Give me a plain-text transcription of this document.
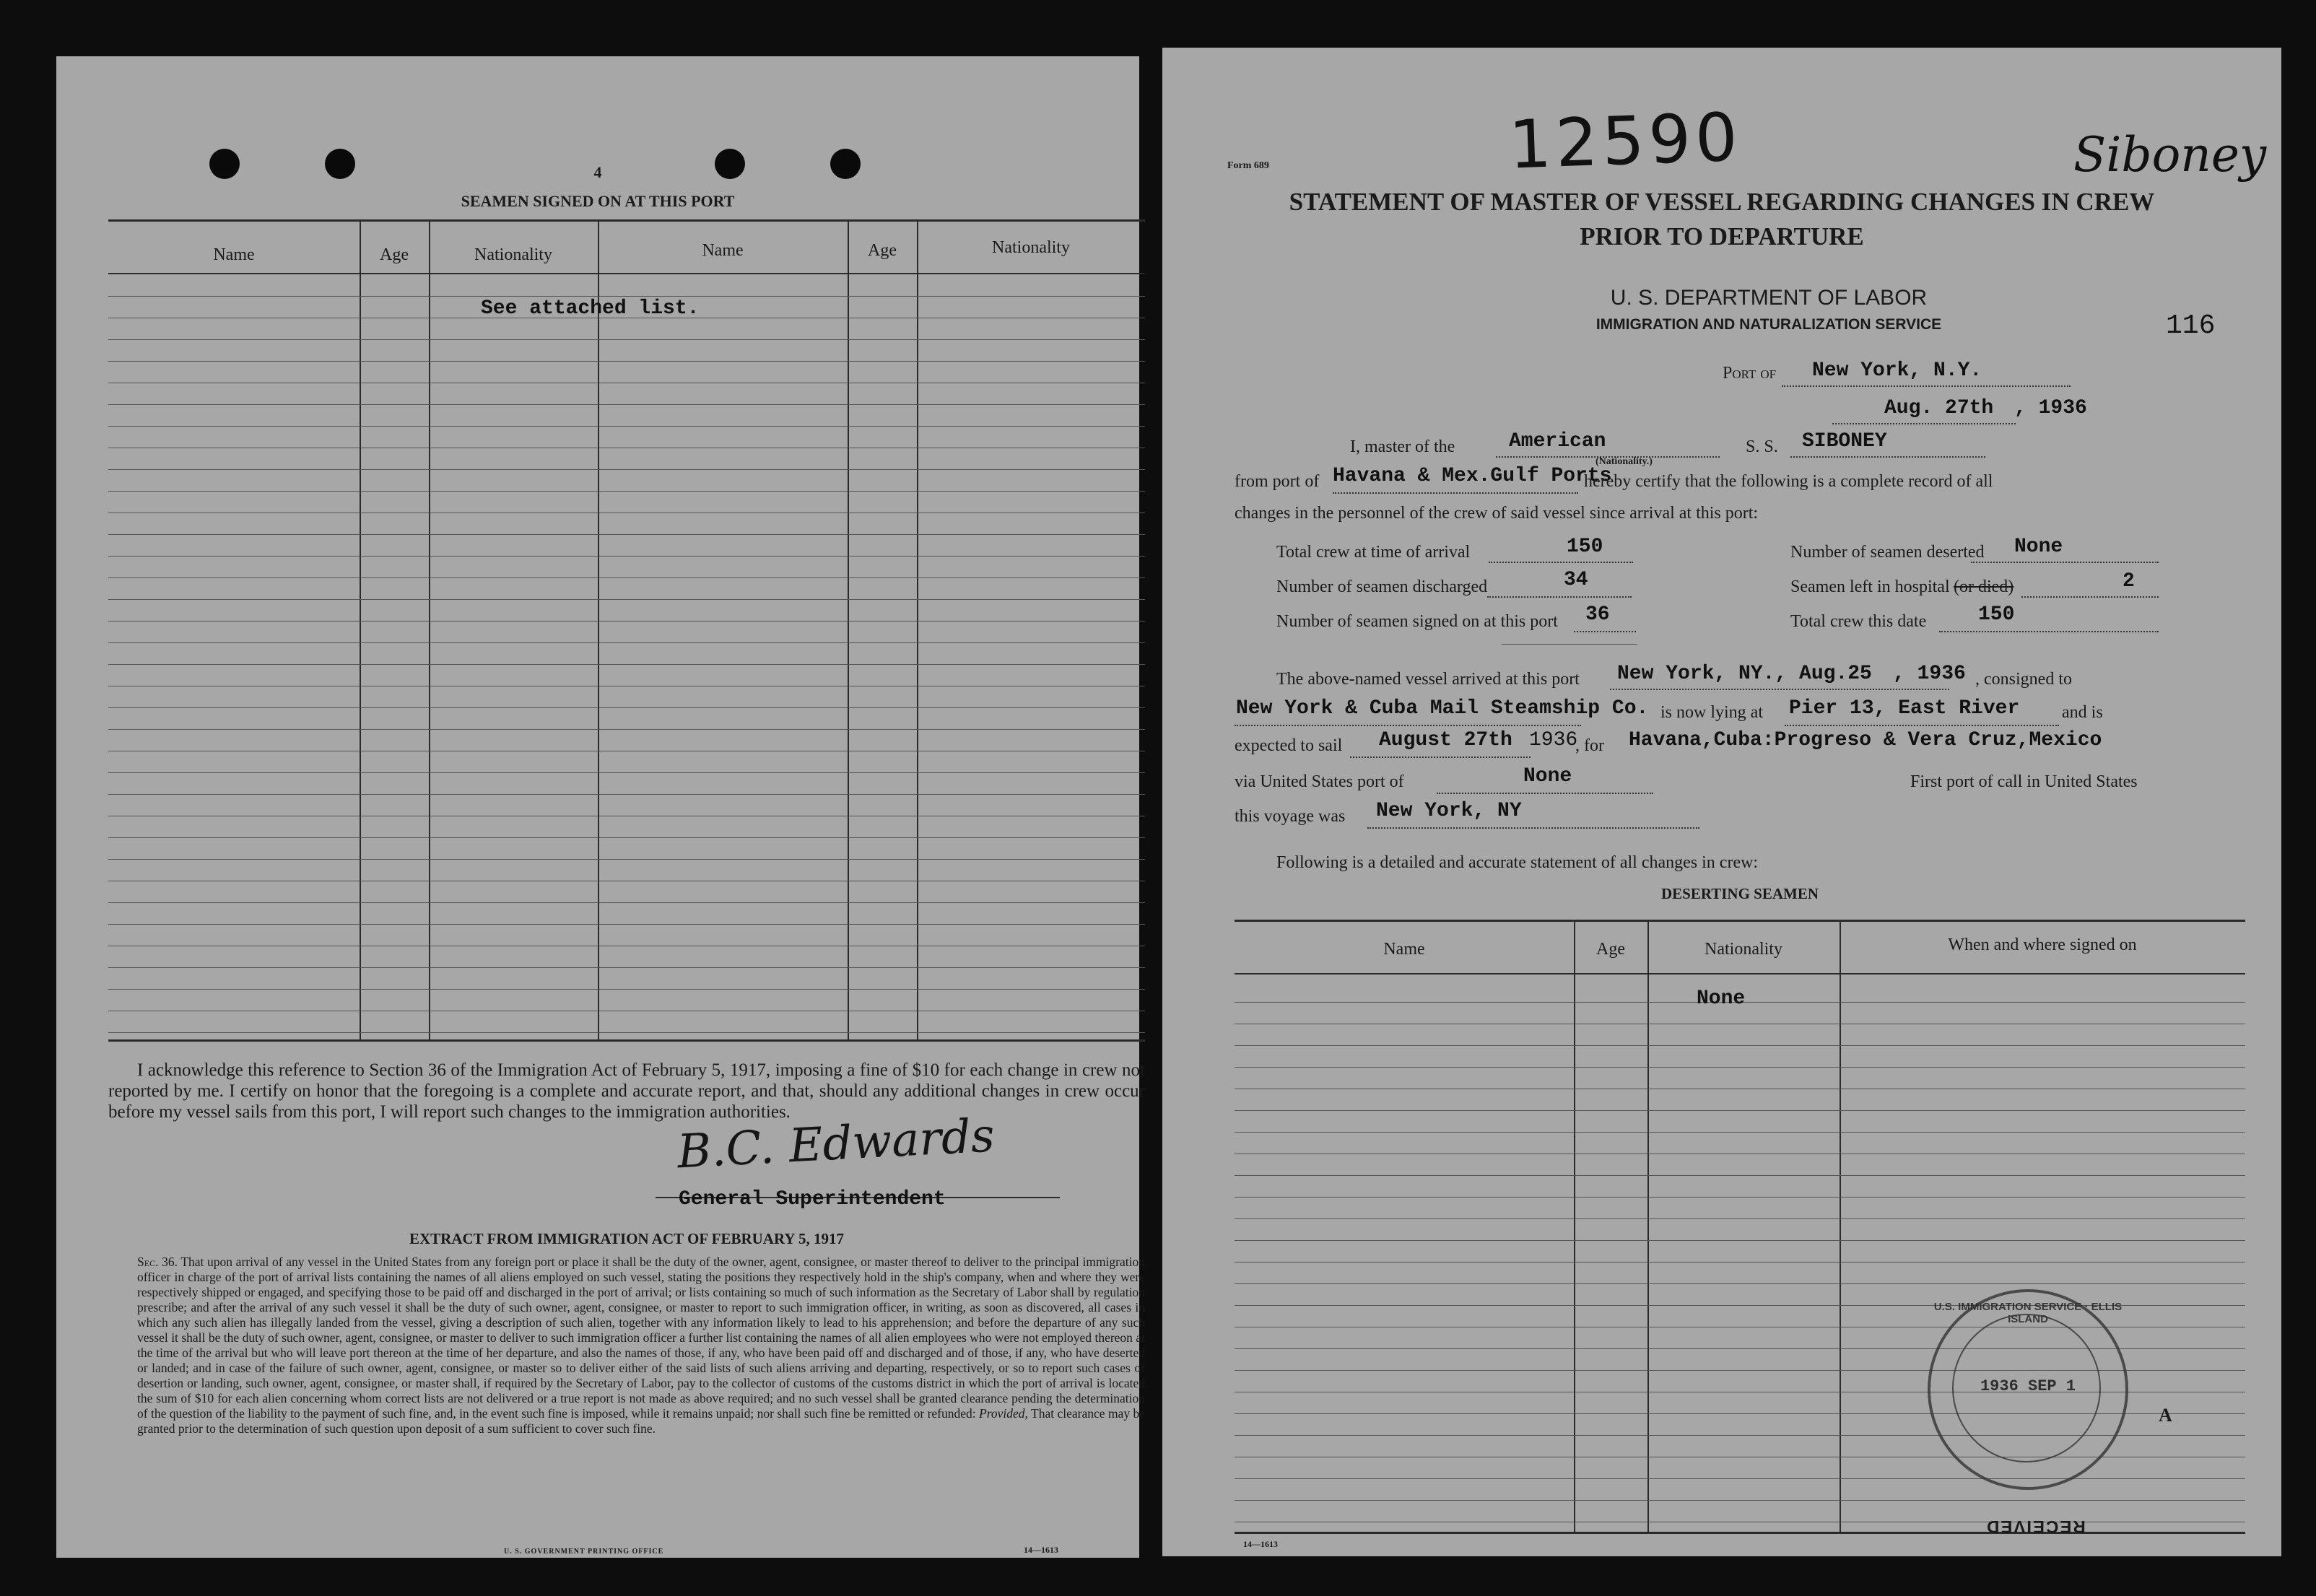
4
SEAMEN SIGNED ON AT THIS PORT
Name	Age	Nationality	Name	Age	Nationality
See attached list.
I acknowledge this reference to Section 36 of the Immigration Act of February 5, 1917, imposing a fine of $10 for each change in crew not reported by me. I certify on honor that the foregoing is a complete and accurate report, and that, should any additional changes in crew occur before my vessel sails from this port, I will report such changes to the immigration authorities.
B.C. Edwards
General Superintendent
EXTRACT FROM IMMIGRATION ACT OF FEBRUARY 5, 1917
Sec. 36. That upon arrival of any vessel in the United States from any foreign port or place it shall be the duty of the owner, agent, consignee, or master thereof to deliver to the principal immigration officer in charge of the port of arrival lists containing the names of all aliens employed on such vessel, stating the positions they respectively hold in the ship's company, when and where they were respectively shipped or engaged, and specifying those to be paid off and discharged in the port of arrival; or lists containing so much of such information as the Secretary of Labor shall by regulation prescribe; and after the arrival of any such vessel it shall be the duty of such owner, agent, consignee, or master to report to such immigration officer, in writing, as soon as discovered, all cases in which any such alien has illegally landed from the vessel, giving a description of such alien, together with any information likely to lead to his apprehension; and before the departure of any such vessel it shall be the duty of such owner, agent, consignee, or master to deliver to such immigration officer a further list containing the names of all alien employees who were not employed thereon at the time of the arrival but who will leave port thereon at the time of her departure, and also the names of those, if any, who have been paid off and discharged and of those, if any, who have deserted or landed; and in case of the failure of such owner, agent, consignee, or master so to deliver either of the said lists of such aliens arriving and departing, respectively, or so to report such cases of desertion or landing, such owner, agent, consignee, or master shall, if required by the Secretary of Labor, pay to the collector of customs of the customs district in which the port of arrival is located the sum of $10 for each alien concerning whom correct lists are not delivered or a true report is not made as above required; and no such vessel shall be granted clearance pending the determination of the question of the liability to the payment of such fine, and, in the event such fine is imposed, while it remains unpaid; nor shall such fine be remitted or refunded: Provided, That clearance may be granted prior to the determination of such question upon deposit of a sum sufficient to cover such fine.
U. S. GOVERNMENT PRINTING OFFICE	14—1613
Form 689	12590	Siboney
STATEMENT OF MASTER OF VESSEL REGARDING CHANGES IN CREW
PRIOR TO DEPARTURE
U. S. DEPARTMENT OF LABOR
IMMIGRATION AND NATURALIZATION SERVICE	116
Port of New York, N.Y.
Aug. 27th , 1936
I, master of the	American
(Nationality.)
S. S. SIBONEY
from port of Havana & Mex.Gulf Ports
hereby certify that the following is a complete record of all
changes in the personnel of the crew of said vessel since arrival at this port:
Total crew at time of arrival	150	Number of seamen deserted None
Number of seamen discharged	34	Seamen left in hospital (or died)	2
Number of seamen signed on at this port 36	Total crew this date	150
The above-named vessel arrived at this port New York, NY., Aug.25 , 1936 , consigned to
New York & Cuba Mail Steamship Co. is now lying at Pier 13, East River and is
expected to sail August 27th 1936
, for Havana,Cuba:Progreso & Vera Cruz,Mexico
via United States port of	None	First port of call in United States
this voyage was New York, NY
Following is a detailed and accurate statement of all changes in crew:
DESERTING SEAMEN
Name	Age	Nationality	When and where signed on
None
U.S. IMMIGRATION SERVICE · ELLIS ISLAND
1936 SEP 1
A
14—1613
RECEIVED
